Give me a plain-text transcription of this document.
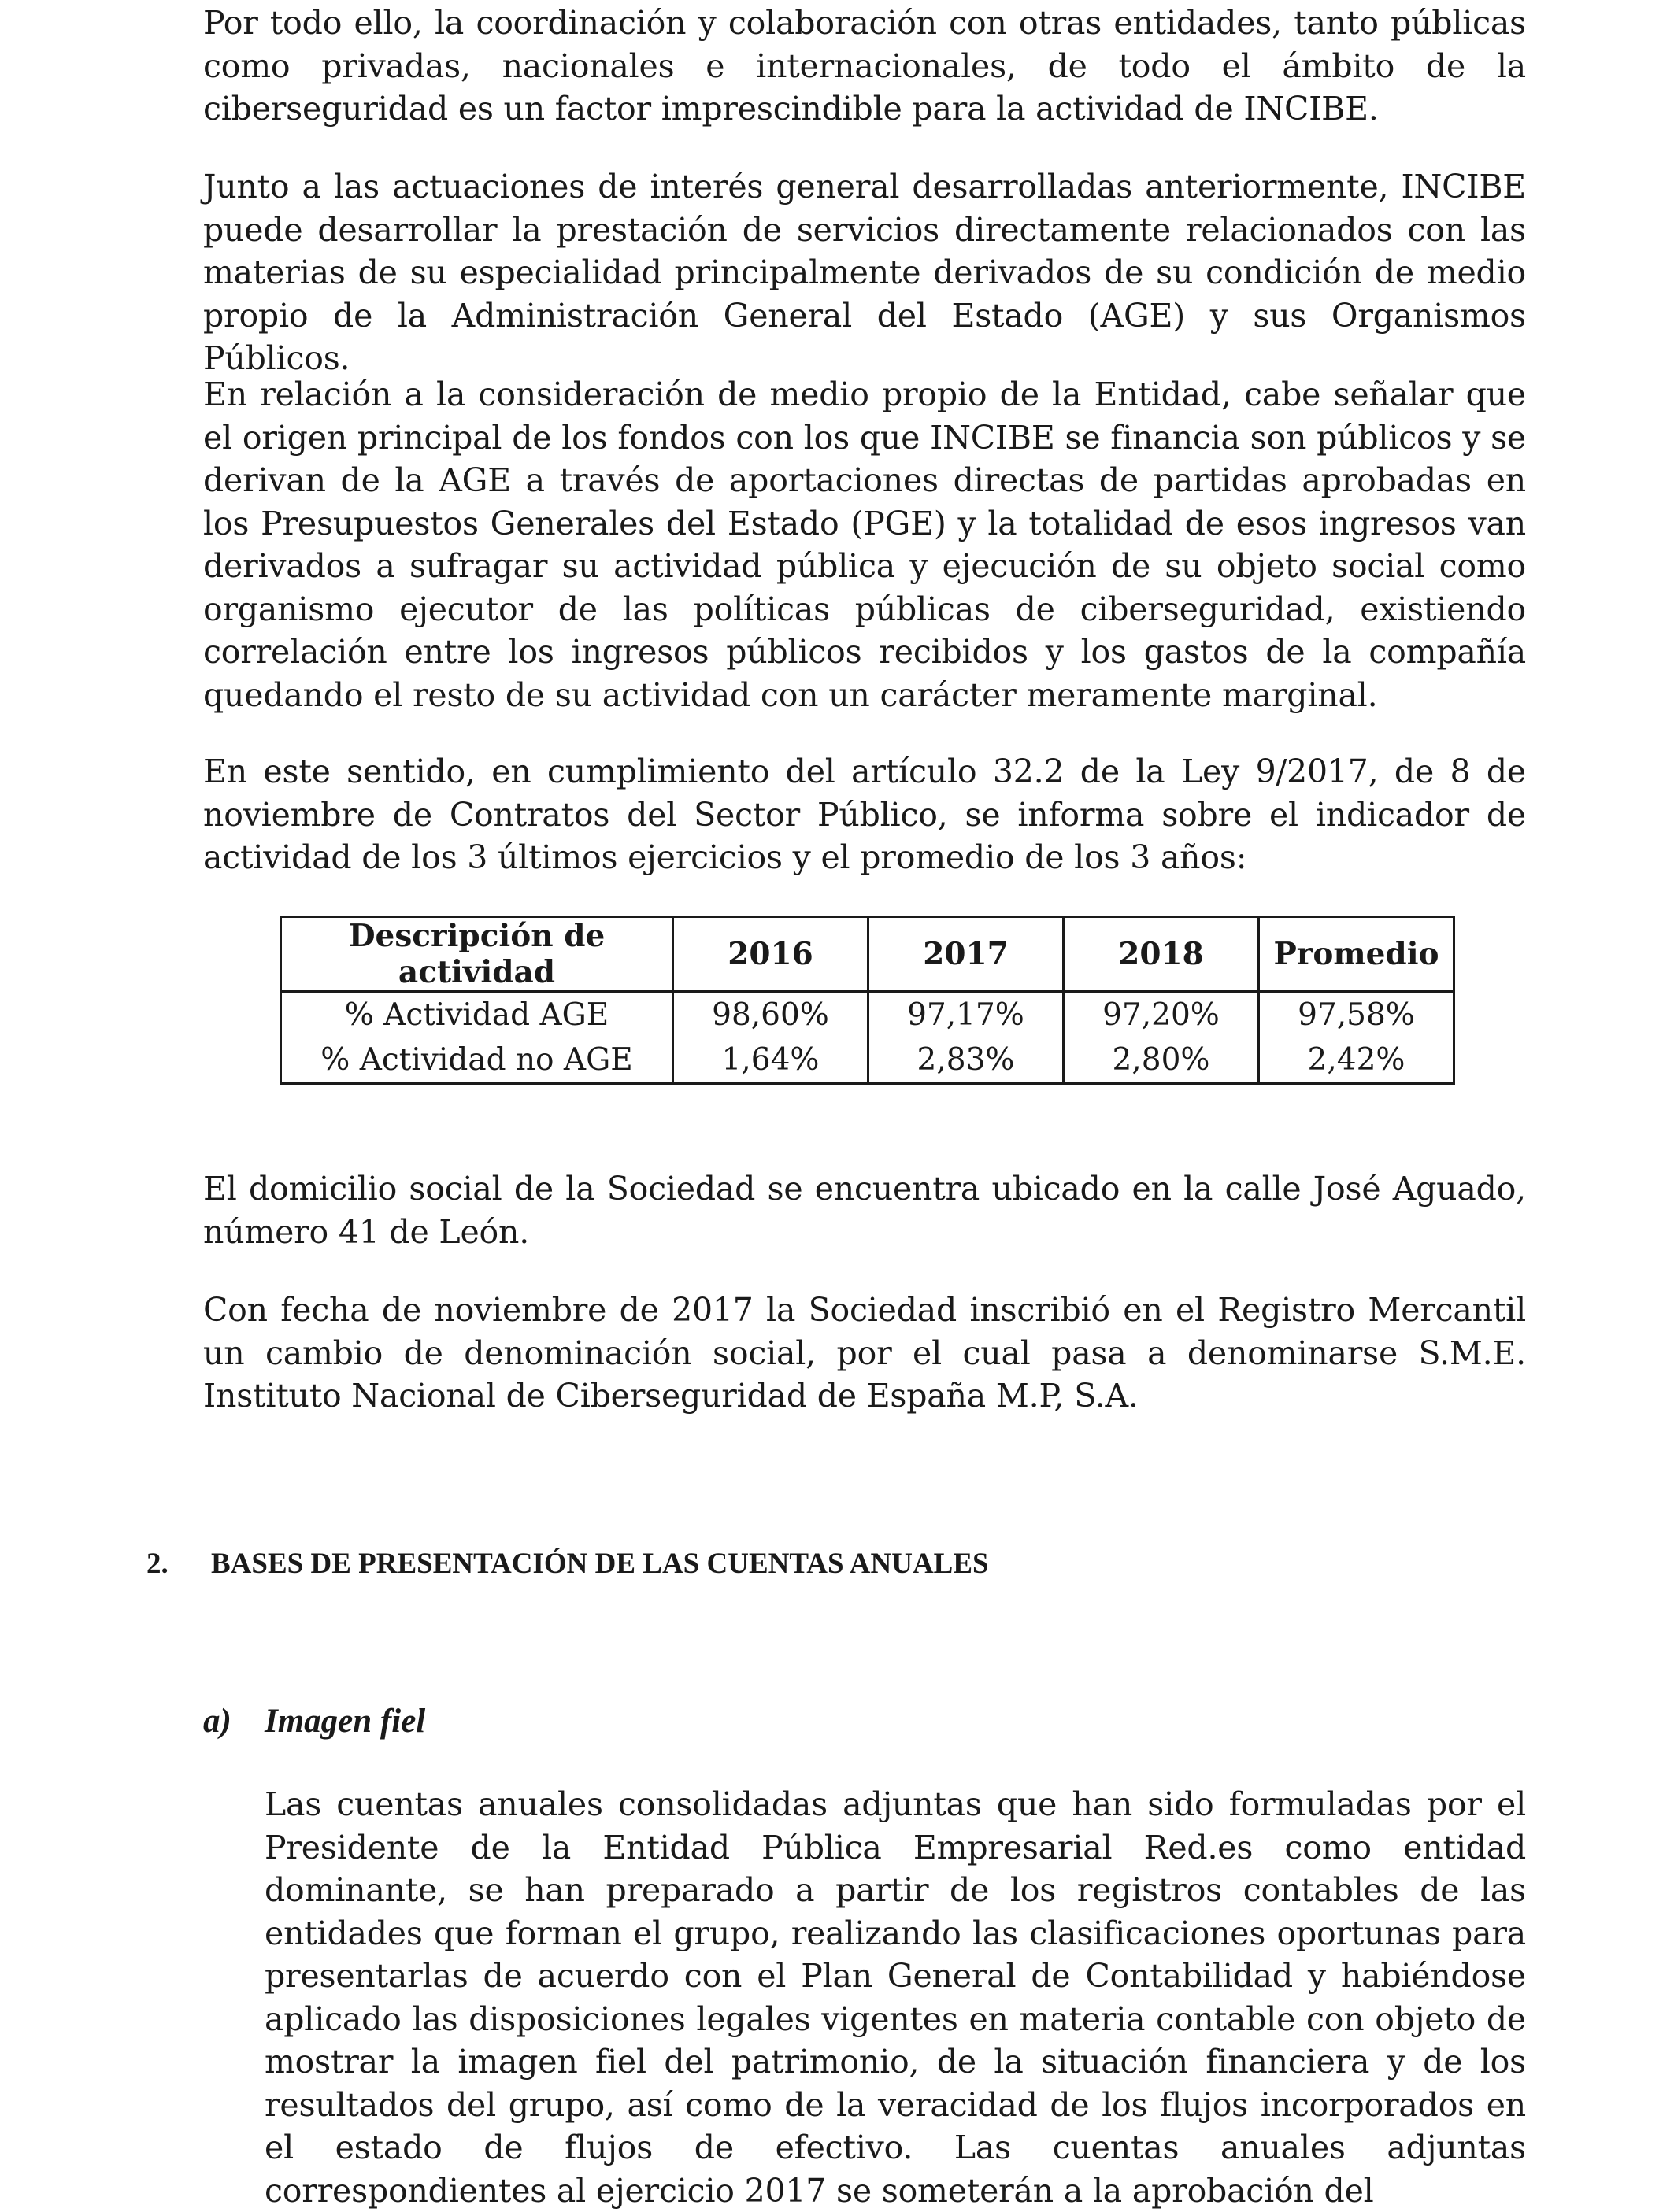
Por todo ello, la coordinación y colaboración con otras entidades, tanto públicas como privadas, nacionales e internacionales, de todo el ámbito de la ciberseguridad es un factor imprescindible para la actividad de INCIBE.

Junto a las actuaciones de interés general desarrolladas anteriormente, INCIBE puede desarrollar la prestación de servicios directamente relacionados con las materias de su especialidad principalmente derivados de su condición de medio propio de la Administración General del Estado (AGE) y sus Organismos Públicos.

En relación a la consideración de medio propio de la Entidad, cabe señalar que el origen principal de los fondos con los que INCIBE se financia son públicos y se derivan de la AGE a través de aportaciones directas de partidas aprobadas en los Presupuestos Generales del Estado (PGE) y la totalidad de esos ingresos van derivados a sufragar su actividad pública y ejecución de su objeto social como organismo ejecutor de las políticas públicas de ciberseguridad, existiendo correlación entre los ingresos públicos recibidos y los gastos de la compañía quedando el resto de su actividad con un carácter meramente marginal.

En este sentido, en cumplimiento del artículo 32.2 de la Ley 9/2017, de 8 de noviembre de Contratos del Sector Público, se informa sobre el indicador de actividad de los 3 últimos ejercicios y el promedio de los 3 años:

Descripción de actividad	2016	2017	2018	Promedio
% Actividad AGE	98,60%	97,17%	97,20%	97,58%
% Actividad no AGE	1,64%	2,83%	2,80%	2,42%

El domicilio social de la Sociedad se encuentra ubicado en la calle José Aguado, número 41 de León.

Con fecha de noviembre de 2017 la Sociedad inscribió en el Registro Mercantil un cambio de denominación social, por el cual pasa a denominarse S.M.E. Instituto Nacional de Ciberseguridad de España M.P, S.A.

2. BASES DE PRESENTACIÓN DE LAS CUENTAS ANUALES
a) Imagen fiel

Las cuentas anuales consolidadas adjuntas que han sido formuladas por el Presidente de la Entidad Pública Empresarial Red.es como entidad dominante, se han preparado a partir de los registros contables de las entidades que forman el grupo, realizando las clasificaciones oportunas para presentarlas de acuerdo con el Plan General de Contabilidad y habiéndose aplicado las disposiciones legales vigentes en materia contable con objeto de mostrar la imagen fiel del patrimonio, de la situación financiera y de los resultados del grupo, así como de la veracidad de los flujos incorporados en el estado de flujos de efectivo. Las cuentas anuales adjuntas correspondientes al ejercicio 2017 se someterán a la aprobación del
